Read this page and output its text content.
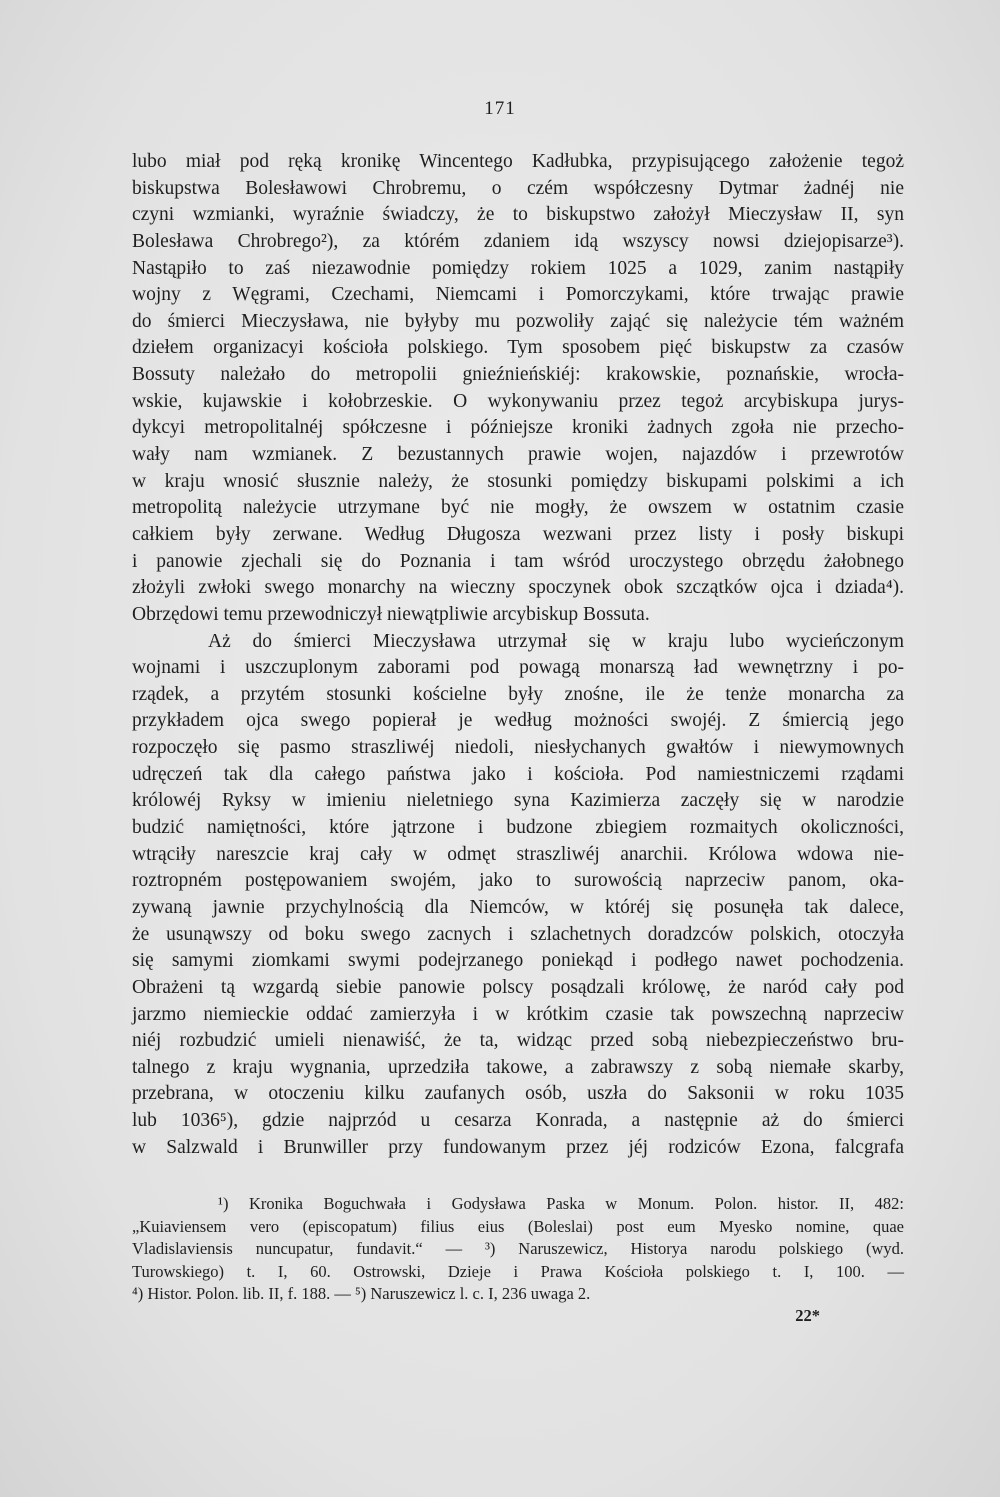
171
lubo miał pod ręką kronikę Wincentego Kadłubka, przypisującego założenie tegoż
biskupstwa Bolesławowi Chrobremu, o czém współczesny Dytmar żadnéj nie
czyni wzmianki, wyraźnie świadczy, że to biskupstwo założył Mieczysław II, syn
Bolesława Chrobrego²), za którém zdaniem idą wszyscy nowsi dziejopisarze³).
Nastąpiło to zaś niezawodnie pomiędzy rokiem 1025 a 1029, zanim nastąpiły
wojny z Węgrami, Czechami, Niemcami i Pomorczykami, które trwając prawie
do śmierci Mieczysława, nie byłyby mu pozwoliły zająć się należycie tém ważném
dziełem organizacyi kościoła polskiego. Tym sposobem pięć biskupstw za czasów
Bossuty należało do metropolii gnieźnieńskiéj: krakowskie, poznańskie, wrocła-
wskie, kujawskie i kołobrzeskie. O wykonywaniu przez tegoż arcybiskupa jurys-
dykcyi metropolitalnéj spółczesne i późniejsze kroniki żadnych zgoła nie przecho-
wały nam wzmianek. Z bezustannych prawie wojen, najazdów i przewrotów
w kraju wnosić słusznie należy, że stosunki pomiędzy biskupami polskimi a ich
metropolitą należycie utrzymane być nie mogły, że owszem w ostatnim czasie
całkiem były zerwane. Według Długosza wezwani przez listy i posły biskupi
i panowie zjechali się do Poznania i tam wśród uroczystego obrzędu żałobnego
złożyli zwłoki swego monarchy na wieczny spoczynek obok szczątków ojca i dziada⁴).
Obrzędowi temu przewodniczył niewątpliwie arcybiskup Bossuta.
Aż do śmierci Mieczysława utrzymał się w kraju lubo wycieńczonym
wojnami i uszczuplonym zaborami pod powagą monarszą ład wewnętrzny i po-
rządek, a przytém stosunki kościelne były znośne, ile że tenże monarcha za
przykładem ojca swego popierał je według możności swojéj. Z śmiercią jego
rozpoczęło się pasmo straszliwéj niedoli, niesłychanych gwałtów i niewymownych
udręczeń tak dla całego państwa jako i kościoła. Pod namiestniczemi rządami
królowéj Ryksy w imieniu nieletniego syna Kazimierza zaczęły się w narodzie
budzić namiętności, które jątrzone i budzone zbiegiem rozmaitych okoliczności,
wtrąciły nareszcie kraj cały w odmęt straszliwéj anarchii. Królowa wdowa nie-
roztropném postępowaniem swojém, jako to surowością naprzeciw panom, oka-
zywaną jawnie przychylnością dla Niemców, w któréj się posunęła tak dalece,
że usunąwszy od boku swego zacnych i szlachetnych doradzców polskich, otoczyła
się samymi ziomkami swymi podejrzanego poniekąd i podłego nawet pochodzenia.
Obrażeni tą wzgardą siebie panowie polscy posądzali królowę, że naród cały pod
jarzmo niemieckie oddać zamierzyła i w krótkim czasie tak powszechną naprzeciw
niéj rozbudzić umieli nienawiść, że ta, widząc przed sobą niebezpieczeństwo bru-
talnego z kraju wygnania, uprzedziła takowe, a zabrawszy z sobą niemałe skarby,
przebrana, w otoczeniu kilku zaufanych osób, uszła do Saksonii w roku 1035
lub 1036⁵), gdzie najprzód u cesarza Konrada, a następnie aż do śmierci
w Salzwald i Brunwiller przy fundowanym przez jéj rodziców Ezona, falcgrafa
¹) Kronika Boguchwała i Godysława Paska w Monum. Polon. histor. II, 482:
„Kuiaviensem vero (episcopatum) filius eius (Boleslai) post eum Myesko nomine, quae
Vladislaviensis nuncupatur, fundavit.“ — ³) Naruszewicz, Historya narodu polskiego (wyd.
Turowskiego) t. I, 60. Ostrowski, Dzieje i Prawa Kościoła polskiego t. I, 100. —
⁴) Histor. Polon. lib. II, f. 188. — ⁵) Naruszewicz l. c. I, 236 uwaga 2.
22*
